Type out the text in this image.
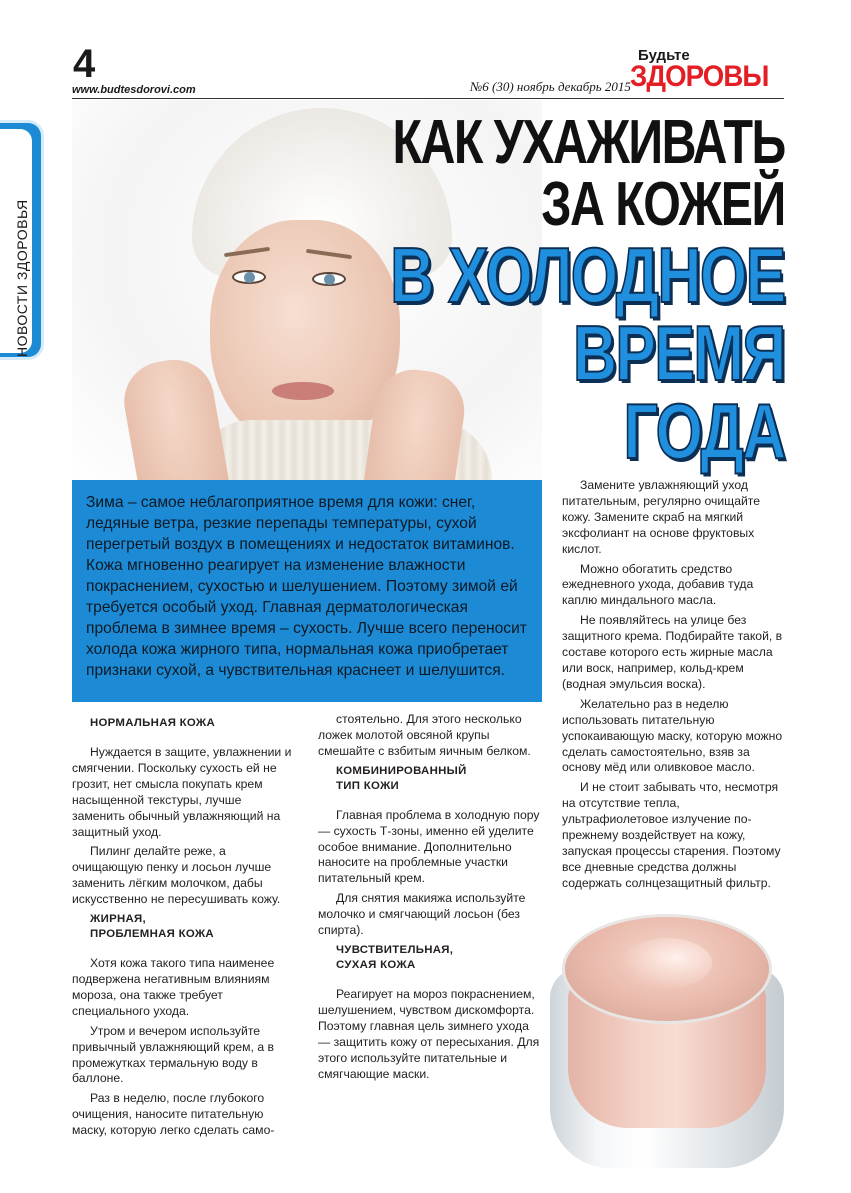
4
www.budtesdorovi.com	№6 (30) ноябрь декабрь 2015
Будьте
ЗДОРОВЫ
НОВОСТИ ЗДОРОВЬЯ
КАК УХАЖИВАТЬ
ЗА КОЖЕЙ
В ХОЛОДНОЕ
ВРЕМЯ
ГОДА

Зима – самое неблагоприятное время для кожи: снег, ледяные ветра, резкие перепады температуры, сухой перегретый воздух в помещениях и недостаток витаминов. Кожа мгновенно реагирует на изменение влажности покраснением, сухостью и шелушением. Поэтому зимой ей требуется особый уход. Главная дерматологическая проблема в зимнее время – сухость. Лучше всего переносит холода кожа жирного типа, нормальная кожа приобретает признаки сухой, а чувствительная краснеет и шелушится.

НОРМАЛЬНАЯ КОЖА

Нуждается в защите, увлажнении и смягчении. Поскольку сухость ей не грозит, нет смысла покупать крем насыщенной текстуры, лучше заменить обычный увлажняющий на защитный уход.

Пилинг делайте реже, а очищающую пенку и лосьон лучше заменить лёгким молочком, дабы искусственно не пересушивать кожу.

ЖИРНАЯ,
ПРОБЛЕМНАЯ КОЖА

Хотя кожа такого типа наименее подвержена негативным влияниям мороза, она также требует специального ухода.

Утром и вечером используйте привычный увлажняющий крем, а в промежутках термальную воду в баллоне.

Раз в неделю, после глубокого очищения, наносите питательную маску, которую легко сделать само-

стоятельно. Для этого несколько ложек молотой овсяной крупы смешайте с взбитым яичным белком.

КОМБИНИРОВАННЫЙ
ТИП КОЖИ

Главная проблема в холодную пору — сухость Т-зоны, именно ей уделите особое внимание. Дополнительно наносите на проблемные участки питательный крем.

Для снятия макияжа используйте молочко и смягчающий лосьон (без спирта).

ЧУВСТВИТЕЛЬНАЯ,
СУХАЯ КОЖА

Реагирует на мороз покраснением, шелушением, чувством дискомфорта. Поэтому главная цель зимнего ухода — защитить кожу от пересыхания. Для этого используйте питательные и смягчающие маски.

Замените увлажняющий уход питательным, регулярно очищайте кожу. Замените скраб на мягкий эксфолиант на основе фруктовых кислот.

Можно обогатить средство ежедневного ухода, добавив туда каплю миндального масла.

Не появляйтесь на улице без защитного крема. Подбирайте такой, в составе которого есть жирные масла или воск, например, кольд-крем (водная эмульсия воска).

Желательно раз в неделю использовать питательную успокаивающую маску, которую можно сделать самостоятельно, взяв за основу мёд или оливковое масло.

И не стоит забывать что, несмотря на отсутствие тепла, ультрафиолетовое излучение по-прежнему воздействует на кожу, запуская процессы старения. Поэтому все дневные средства должны содержать солнцезащитный фильтр.
